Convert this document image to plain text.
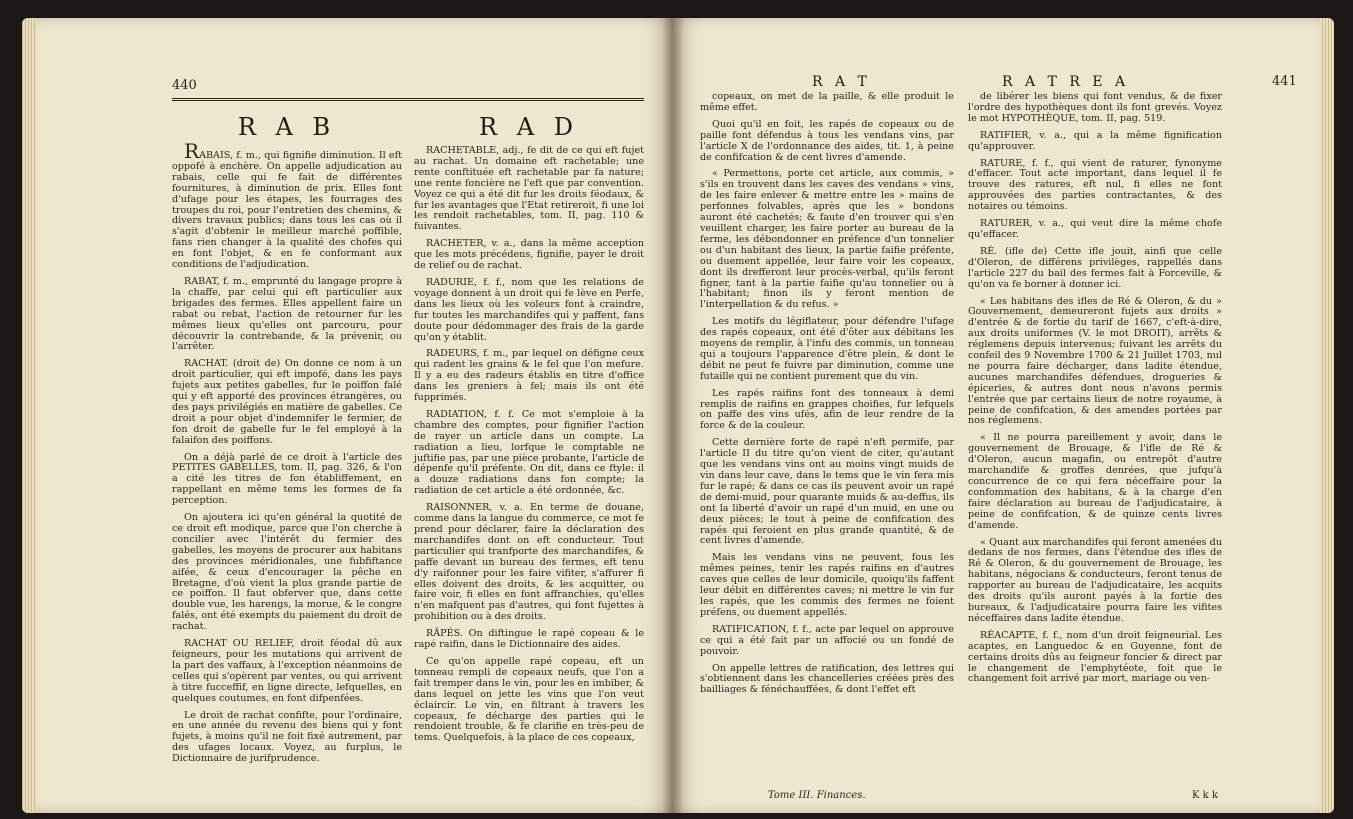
440
R A B	R A D

RABAIS, f. m., qui fignifie diminution. Il eft oppofé à enchère. On appelle adjudication au rabais, celle qui fe fait de différentes fournitures, à diminution de prix. Elles font d'ufage pour les étapes, les fourrages des troupes du roi, pour l'entretien des chemins, & divers travaux publics; dans tous les cas où il s'agit d'obtenir le meilleur marché poffible, fans rien changer à la qualité des chofes qui en font l'objet, & en fe conformant aux conditions de l'adjudication.

RABAT, f. m., emprunté du langage propre à la chaffe, par celui qui eft particulier aux brigades des fermes. Elles appellent faire un rabat ou rebat, l'action de retourner fur les mêmes lieux qu'elles ont parcouru, pour découvrir la contrebande, & la prévenir, ou l'arrêter.

RACHAT. (droit de) On donne ce nom à un droit particulier, qui eft impofé, dans les pays fujets aux petites gabelles, fur le poiffon falé qui y eft apporté des provinces étrangères, ou des pays privilégiés en matière de gabelles. Ce droit a pour objet d'indemnifer le fermier, de fon droit de gabelle fur le fel employé à la falaifon des poiffons.

On a déjà parlé de ce droit à l'article des PETITES GABELLES, tom. II, pag. 326, & l'on a cité les titres de fon établiffement, en rappellant en même tems les formes de fa perception.

On ajoutera ici qu'en général la quotité de ce droit eft modique, parce que l'on cherche à concilier avec l'intérêt du fermier des gabelles, les moyens de procurer aux habitans des provinces méridionales, une fubfiftance aifée, & ceux d'encourager la pêche en Bretagne, d'où vient la plus grande partie de ce poiffon. Il faut obferver que, dans cette double vue, les harengs, la morue, & le congre falés, ont été exempts du paiement du droit de rachat.

RACHAT OU RELIEF, droit féodal dû aux feigneurs, pour les mutations qui arrivent de la part des vaffaux, à l'exception néanmoins de celles qui s'opèrent par ventes, ou qui arrivent à titre fucceffif, en ligne directe, lefquelles, en quelques coutumes, en font difpenfées.

Le droit de rachat confifte, pour l'ordinaire, en une année du revenu des biens qui y font fujets, à moins qu'il ne foit fixé autrement, par des ufages locaux. Voyez, au furplus, le Dictionnaire de jurifprudence.

RACHETABLE, adj., fe dit de ce qui eft fujet au rachat. Un domaine eft rachetable; une rente conftituée eft rachetable par fa nature; une rente foncière ne l'eft que par convention. Voyez ce qui a été dit fur les droits féodaux, & fur les avantages que l'Etat retireroit, fi une loi les rendoit rachetables, tom. II, pag. 110 & fuivantes.

RACHETER, v. a., dans la même acception que les mots précédens, fignifie, payer le droit de relief ou de rachat.

RADURIE, f. f., nom que les relations de voyage donnent à un droit qui fe lève en Perfe, dans les lieux où les voleurs font à craindre, fur toutes les marchandifes qui y paffent, fans doute pour dédommager des frais de la garde qu'on y établit.

RADEURS, f. m., par lequel on défigne ceux qui radent les grains & le fel que l'on mefure. Il y a eu des radeurs établis en titre d'office dans les greniers à fel; mais ils ont été fupprimés.

RADIATION, f. f. Ce mot s'emploie à la chambre des comptes, pour fignifier l'action de rayer un article dans un compte. La radiation a lieu, lorfque le comptable ne juftifie pas, par une pièce probante, l'article de dépenfe qu'il préfente. On dit, dans ce ftyle: il a douze radiations dans fon compte; la radiation de cet article a été ordonnée, &c.

RAISONNER, v. a. En terme de douane, comme dans la langue du commerce, ce mot fe prend pour déclarer, faire la déclaration des marchandifes dont on eft conducteur. Tout particulier qui tranfporte des marchandifes, & paffe devant un bureau des fermes, eft tenu d'y raifonner pour les faire vifiter, s'affurer fi elles doivent des droits, & les acquitter, ou faire voir, fi elles en font affranchies, qu'elles n'en mafquent pas d'autres, qui font fujettes à prohibition ou à des droits.

RÂPÉS. On diftingue le rapé copeau & le rapé raifin, dans le Dictionnaire des aides.

Ce qu'on appelle rapé copeau, eft un tonneau rempli de copeaux neufs, que l'on a fait tremper dans le vin, pour les en imbiber, & dans lequel on jette les vins que l'on veut éclaircir. Le vin, en filtrant à travers les copeaux, fe décharge des parties qui le rendoient trouble, & fe clarifie en très-peu de tems. Quelquefois, à la place de ces copeaux,

R A T	R A T R E A	441

copeaux, on met de la paille, & elle produit le même effet.

Quoi qu'il en foit, les rapés de copeaux ou de paille font défendus à tous les vendans vins, par l'article X de l'ordonnance des aides, tit. 1, à peine de confifcation & de cent livres d'amende.

« Permettons, porte cet article, aux commis, » s'ils en trouvent dans les caves des vendans » vins, de les faire enlever & mettre entre les » mains de perfonnes folvables, après que les » bondons auront été cachetés; & faute d'en trouver qui s'en veuillent charger, les faire porter au bureau de la ferme, les débondonner en préfence d'un tonnelier ou d'un habitant des lieux, la partie faifie préfente, ou duement appellée, leur faire voir les copeaux, dont ils drefferont leur procès-verbal, qu'ils feront figner, tant à la partie faifie qu'au tonnelier ou à l'habitant; finon ils y feront mention de l'interpellation & du refus. »

Les motifs du légiflateur, pour défendre l'ufage des rapés copeaux, ont été d'ôter aux débitans les moyens de remplir, à l'infu des commis, un tonneau qui a toujours l'apparence d'être plein, & dont le débit ne peut fe fuivre par diminution, comme une futaille qui ne contient purement que du vin.

Les rapés raifins font des tonneaux à demi remplis de raifins en grappes choifies, fur lefquels on paffe des vins ufés, afin de leur rendre de la force & de la couleur.

Cette dernière forte de rapé n'eft permife, par l'article II du titre qu'on vient de citer, qu'autant que les vendans vins ont au moins vingt muids de vin dans leur cave, dans le tems que le vin fera mis fur le rapé; & dans ce cas ils peuvent avoir un rapé de demi-muid, pour quarante muids & au-deffus, ils ont la liberté d'avoir un rapé d'un muid, en une ou deux pièces; le tout à peine de confifcation des rapés qui feroient en plus grande quantité, & de cent livres d'amende.

Mais les vendans vins ne peuvent, fous les mêmes peines, tenir les rapés raifins en d'autres caves que celles de leur domicile, quoiqu'ils faffent leur débit en différentes caves; ni mettre le vin fur les rapés, que les commis des fermes ne foient préfens, ou duement appellés.

RATIFICATION, f. f., acte par lequel on approuve ce qui a été fait par un affocié ou un fondé de pouvoir.

On appelle lettres de ratification, des lettres qui s'obtiennent dans les chancelleries créées près des bailliages & fénéchauffées, & dont l'effet eft

Tome III. Finances.

de libérer les biens qui font vendus, & de fixer l'ordre des hypothèques dont ils font grevés. Voyez le mot HYPOTHÈQUE, tom. II, pag. 519.

RATIFIER, v. a., qui a la même fignification qu'approuver.

RATURE, f. f., qui vient de raturer, fynonyme d'effacer. Tout acte important, dans lequel il fe trouve des ratures, eft nul, fi elles ne font approuvées des parties contractantes, & des notaires ou témoins.

RATURER, v. a., qui veut dire la même chofe qu'effacer.

RÉ. (ifle de) Cette ifle jouit, ainfi que celle d'Oleron, de différens privilèges, rappellés dans l'article 227 du bail des fermes fait à Forceville, & qu'on va fe borner à donner ici.

« Les habitans des ifles de Ré & Oleron, & du » Gouvernement, demeureront fujets aux droits » d'entrée & de fortie du tarif de 1667, c'eft-à-dire, aux droits uniformes (V. le mot DROIT), arrêts & réglemens depuis intervenus; fuivant les arrêts du confeil des 9 Novembre 1700 & 21 Juillet 1703, nul ne pourra faire décharger, dans ladite étendue, aucunes marchandifes défendues, drogueries & épiceries, & autres dont nous n'avons permis l'entrée que par certains lieux de notre royaume, à peine de confifcation, & des amendes portées par nos réglemens.

« Il ne pourra pareillement y avoir, dans le gouvernement de Brouage, & l'ifle de Ré & d'Oleron, aucun magafin, ou entrepôt d'autre marchandife & groffes denrées, que jufqu'à concurrence de ce qui fera néceffaire pour la confommation des habitans, & à la charge d'en faire déclaration au bureau de l'adjudicataire, à peine de confifcation, & de quinze cents livres d'amende.

« Quant aux marchandifes qui feront amenées du dedans de nos fermes, dans l'étendue des ifles de Ré & Oleron, & du gouvernement de Brouage, les habitans, négocians & conducteurs, feront tenus de rapporter au bureau de l'adjudicataire, les acquits des droits qu'ils auront payés à la fortie des bureaux, & l'adjudicataire pourra faire les vifites néceffaires dans ladite étendue.

RÉACAPTE, f. f., nom d'un droit feigneurial. Les acaptes, en Languedoc & en Guyenne, font de certains droits dûs au feigneur foncier & direct par le changement de l'emphytéote, foit que le changement foit arrivé par mort, mariage ou ven-

K k k
